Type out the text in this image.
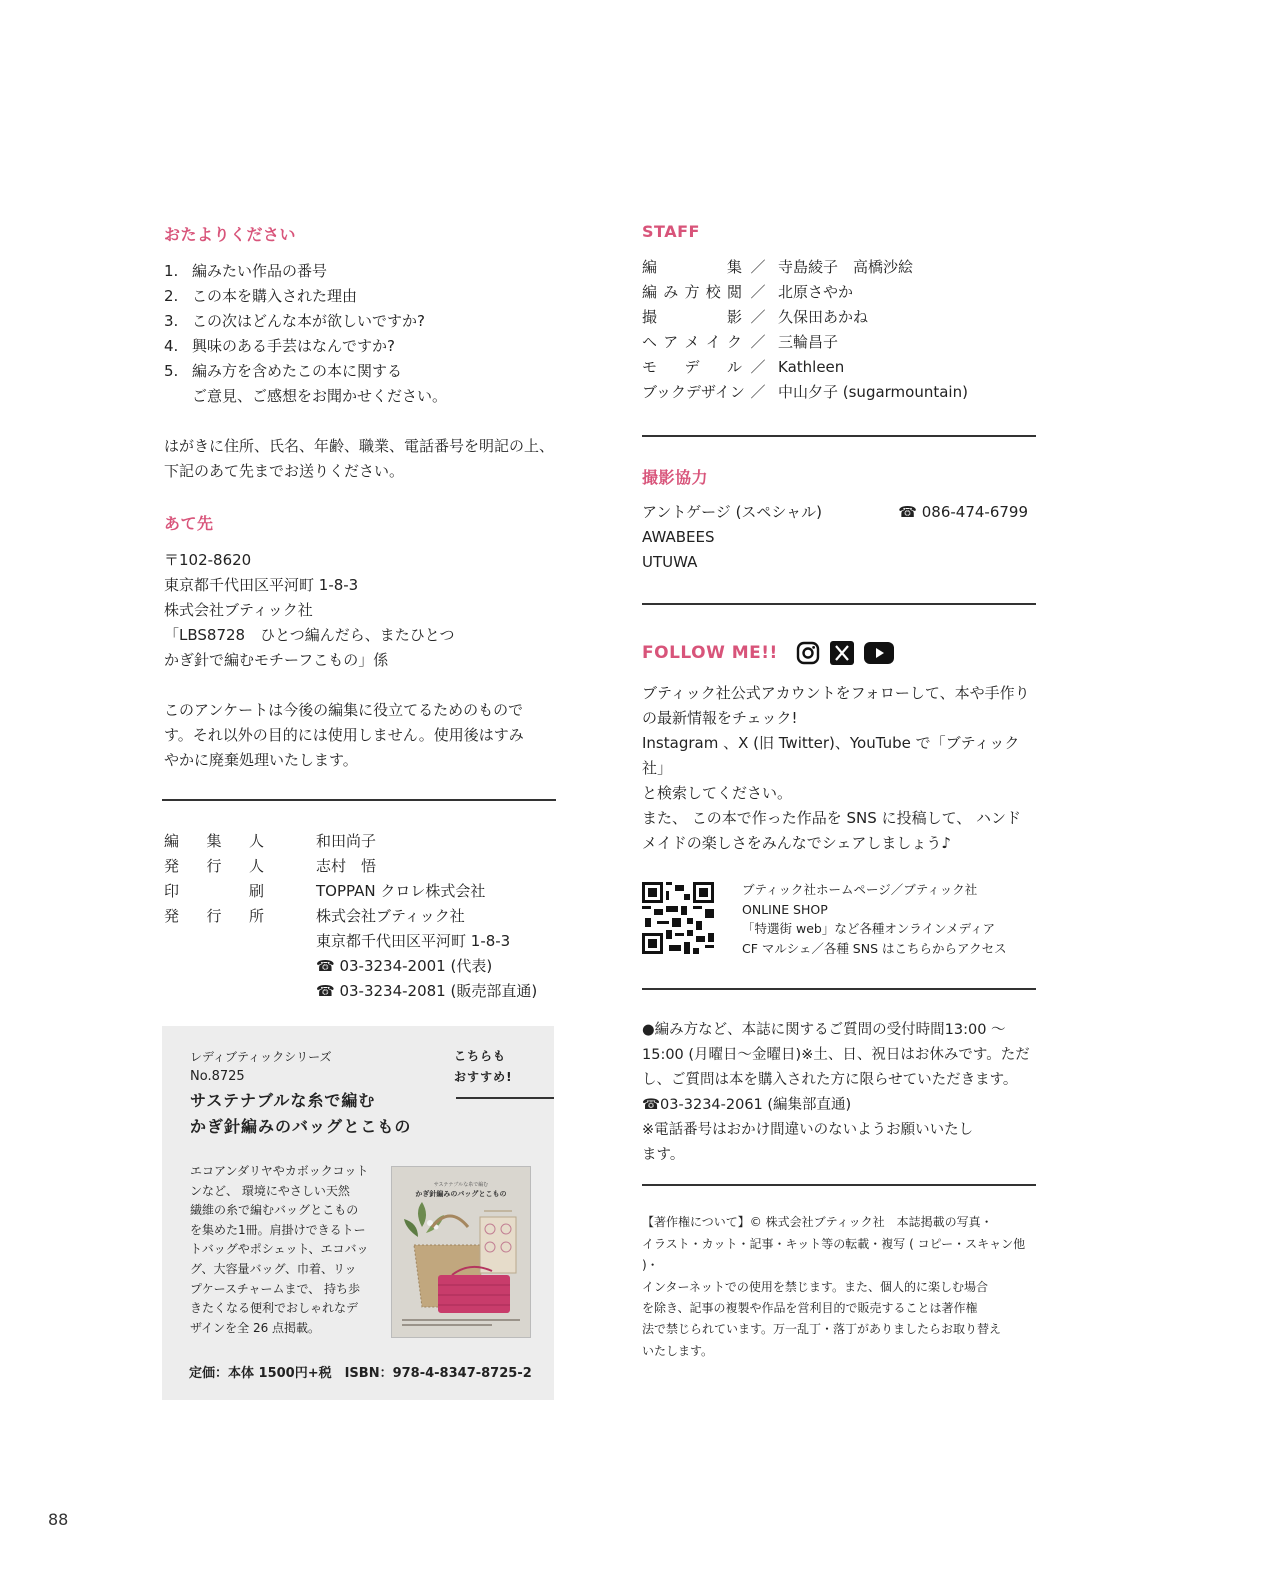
おたよりください
1. 編みたい作品の番号
2. この本を購入された理由
3. この次はどんな本が欲しいですか?
4. 興味のある手芸はなんですか?
5. 編み方を含めたこの本に関する
ご意見、ご感想をお聞かせください。
はがきに住所、氏名、年齢、職業、電話番号を明記の上、
下記のあて先までお送りください。
あて先
〒102-8620
東京都千代田区平河町 1-8-3
株式会社ブティック社
「LBS8728　ひとつ編んだら、またひとつ
かぎ針で編むモチーフこもの」係
このアンケートは今後の編集に役立てるためのもので
す。それ以外の目的には使用しません。使用後はすみ
やかに廃棄処理いたします。
編 集 人	和田尚子
発 行 人	志村　悟
印	刷	TOPPAN クロレ株式会社
発 行 所	株式会社ブティック社
東京都千代田区平河町 1-8-3
☎ 03-3234-2001 (代表)
☎ 03-3234-2081 (販売部直通)
レディブティックシリーズ
No.8725
サステナブルな糸で編む
かぎ針編みのバッグとこもの
こちらも
おすすめ!
エコアンダリヤやカボックコット
ンなど、 環境にやさしい天然
繊維の糸で編むバッグとこもの
を集めた1冊。肩掛けできるトー
トバッグやポシェット、エコバッ
グ、大容量バッグ、巾着、リッ
プケースチャームまで、 持ち歩
きたくなる便利でおしゃれなデ
ザインを全 26 点掲載。
サステナブルな糸で編む
かぎ針編みのバッグとこもの
定価：本体 1500円+税　ISBN：978-4-8347-8725-2
STAFF
編	集 ／ 寺島綾子　高橋沙絵
編 み 方 校 閲 ／ 北原さやか
撮	影 ／ 久保田あかね
ヘ ア メ イ ク ／ 三輪昌子
モ デ ル ／ Kathleen
ブックデザイン ／ 中山夕子 (sugarmountain)
撮影協力
アントゲージ (スペシャル)	☎ 086-474-6799
AWABEES
UTUWA
FOLLOW ME!!
ブティック社公式アカウントをフォローして、本や手作り
の最新情報をチェック!
Instagram 、X (旧 Twitter)、YouTube で「ブティック社」
と検索してください。
また、 この本で作った作品を SNS に投稿して、 ハンド
メイドの楽しさをみんなでシェアしましょう♪
ブティック社ホームページ／ブティック社
ONLINE SHOP
「特選街 web」など各種オンラインメディア
CF マルシェ／各種 SNS はこちらからアクセス
●編み方など、本誌に関するご質問の受付時間13:00 〜
15:00 (月曜日〜金曜日)※土、日、祝日はお休みです。ただ
し、ご質問は本を購入された方に限らせていただきます。
☎03-3234-2061 (編集部直通)
※電話番号はおかけ間違いのないようお願いいたし
ます。
【著作権について】© 株式会社ブティック社　本誌掲載の写真・
イラスト・カット・記事・キット等の転載・複写 ( コピー・スキャン他 )・
インターネットでの使用を禁じます。また、個人的に楽しむ場合
を除き、記事の複製や作品を営利目的で販売することは著作権
法で禁じられています。万一乱丁・落丁がありましたらお取り替え
いたします。
88
